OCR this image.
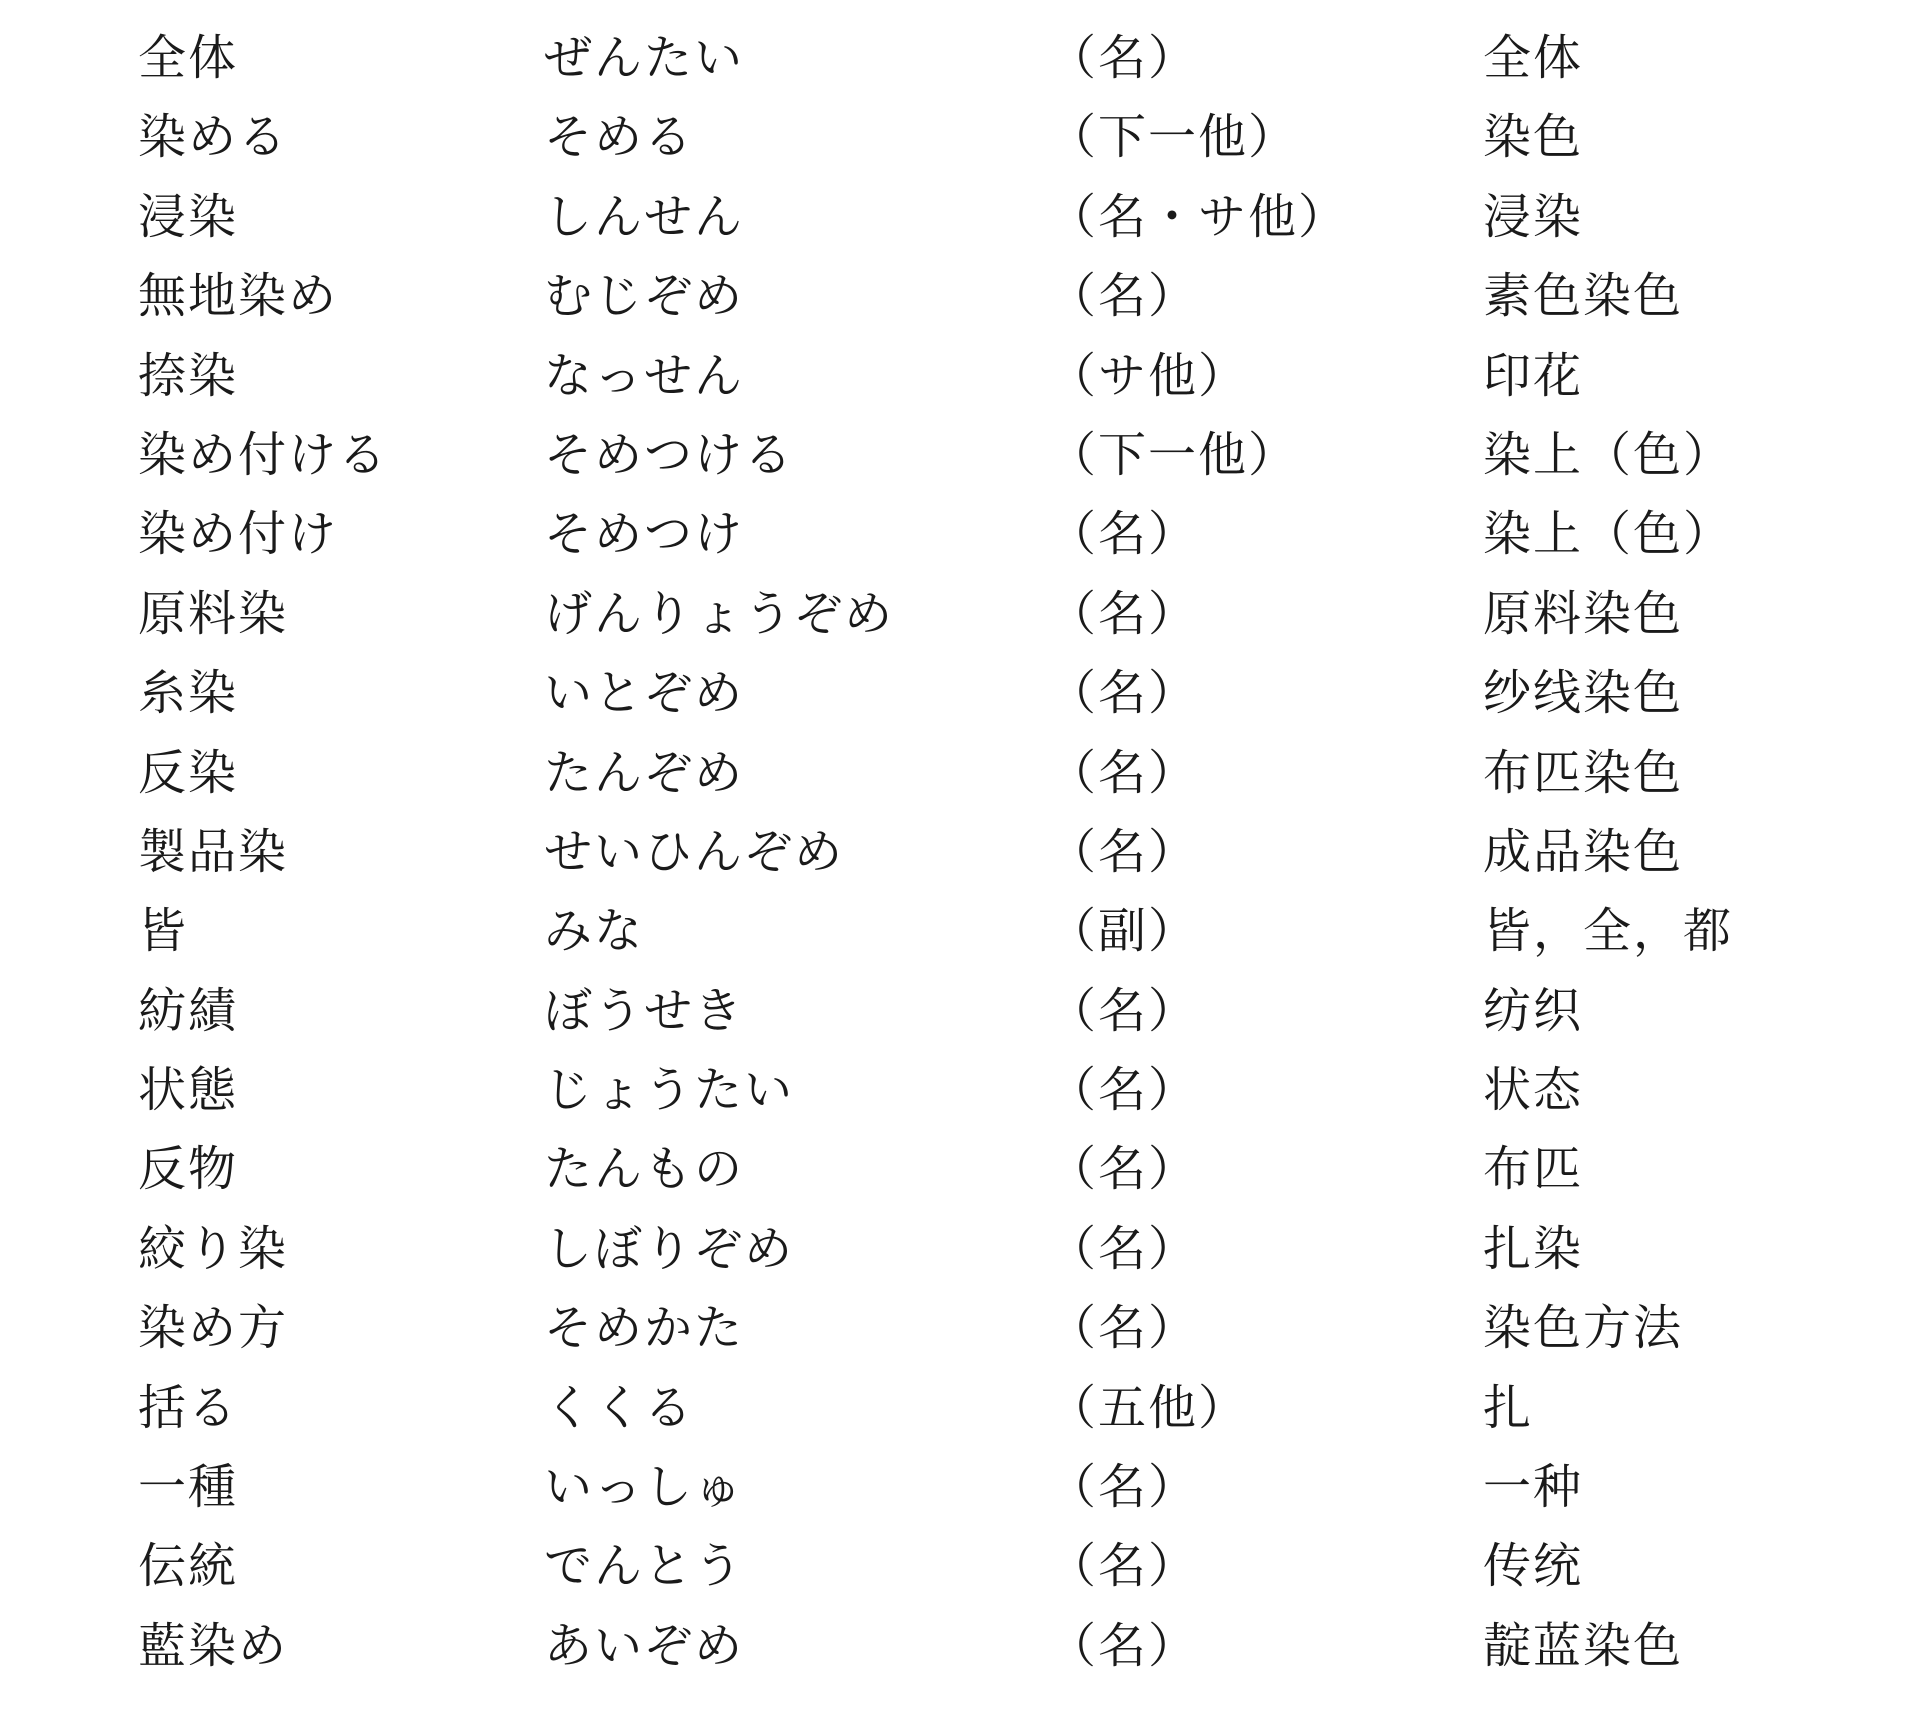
全体	ぜんたい	（名）	全体
染める	そめる	（下一他）	染色
浸染	しんせん	（名・サ他）	浸染
無地染め	むじぞめ	（名）	素色染色
捺染	なっせん	（サ他）	印花
染め付ける	そめつける	（下一他）	染上（色）
染め付け	そめつけ	（名）	染上（色）
原料染	げんりょうぞめ	（名）	原料染色
糸染	いとぞめ	（名）	纱线染色
反染	たんぞめ	（名）	布匹染色
製品染	せいひんぞめ	（名）	成品染色
皆	みな	（副）	皆，全，都
紡績	ぼうせき	（名）	纺织
状態	じょうたい	（名）	状态
反物	たんもの	（名）	布匹
絞り染	しぼりぞめ	（名）	扎染
染め方	そめかた	（名）	染色方法
括る	くくる	（五他）	扎
一種	いっしゅ	（名）	一种
伝統	でんとう	（名）	传统
藍染め	あいぞめ	（名）	靛蓝染色
